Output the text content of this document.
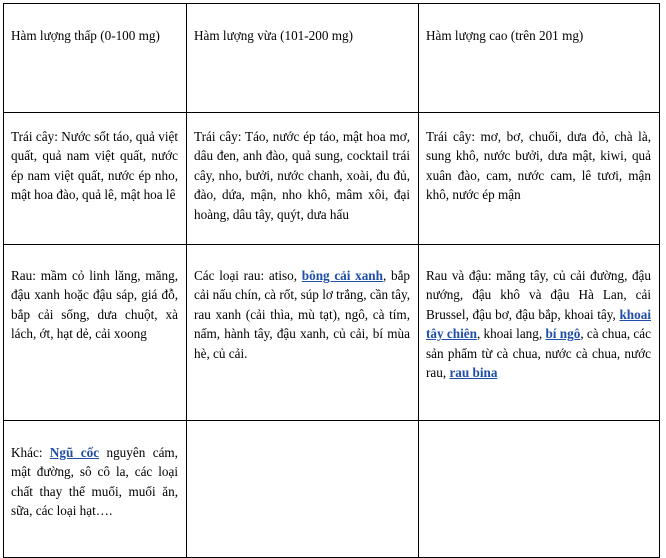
Hàm lượng thấp (0-100 mg)	Hàm lượng vừa (101-200 mg)	Hàm lượng cao (trên 201 mg)
Trái cây: Nước sốt táo, quả việt quất, quả nam việt quất, nước ép nam việt quất, nước ép nho, mật hoa đào, quả lê, mật hoa lê	Trái cây: Táo, nước ép táo, mật hoa mơ, dâu đen, anh đào, quả sung, cocktail trái cây, nho, bưởi, nước chanh, xoài, đu đủ, đào, dứa, mận, nho khô, mâm xôi, đại hoàng, dâu tây, quýt, dưa hấu	Trái cây: mơ, bơ, chuối, dưa đỏ, chà là, sung khô, nước bưởi, dưa mật, kiwi, quả xuân đào, cam, nước cam, lê tươi, mận khô, nước ép mận
Rau: mầm cỏ linh lăng, măng, đậu xanh hoặc đậu sáp, giá đỗ, bắp cải sống, dưa chuột, xà lách, ớt, hạt dẻ, cải xoong	Các loại rau: atiso, bông cải xanh, bắp cải nấu chín, cà rốt, súp lơ trắng, cần tây, rau xanh (cải thìa, mù tạt), ngô, cà tím, nấm, hành tây, đậu xanh, củ cải, bí mùa hè, củ cải.	Rau và đậu: măng tây, củ cải đường, đậu nướng, đậu khô và đậu Hà Lan, cải Brussel, đậu bơ, đậu bắp, khoai tây, khoai tây chiên, khoai lang, bí ngô, cà chua, các sản phẩm từ cà chua, nước cà chua, nước rau, rau bina
Khác: Ngũ cốc nguyên cám, mật đường, sô cô la, các loại chất thay thế muối, muối ăn, sữa, các loại hạt….		
